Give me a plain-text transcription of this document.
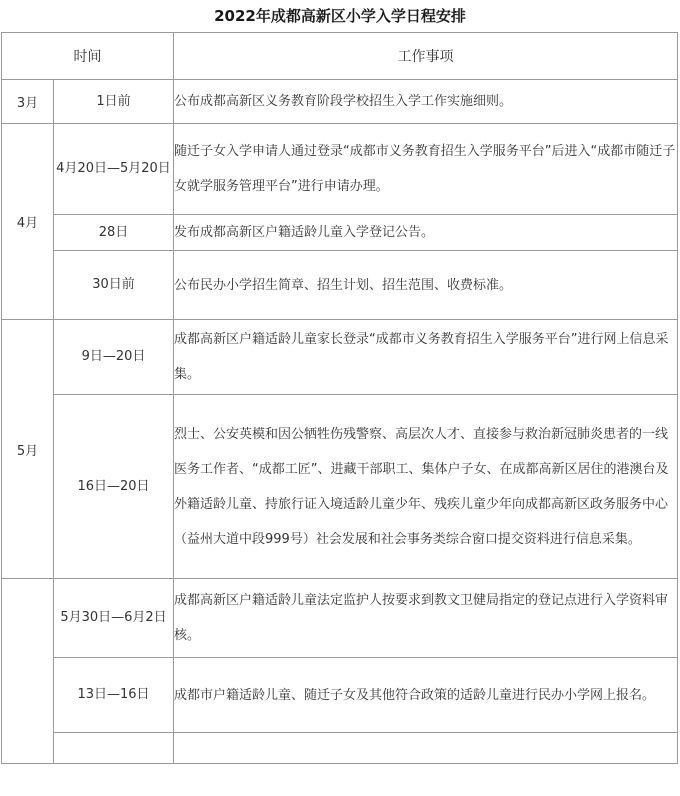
2022年成都高新区小学入学日程安排
时间		工作事项
3月	1日前	公布成都高新区义务教育阶段学校招生入学工作实施细则。
4月	4月20日—5月20日	随迁子女入学申请人通过登录“成都市义务教育招生入学服务平台”后进入“成都市随迁子女就学服务管理平台”进行申请办理。
	28日	发布成都高新区户籍适龄儿童入学登记公告。
	30日前	公布民办小学招生简章、招生计划、招生范围、收费标准。
5月	9日—20日	成都高新区户籍适龄儿童家长登录“成都市义务教育招生入学服务平台”进行网上信息采集。
	16日—20日	烈士、公安英模和因公牺牲伤残警察、高层次人才、直接参与救治新冠肺炎患者的一线医务工作者、“成都工匠”、进藏干部职工、集体户子女、在成都高新区居住的港澳台及外籍适龄儿童、持旅行证入境适龄儿童少年、残疾儿童少年向成都高新区政务服务中心（益州大道中段999号）社会发展和社会事务类综合窗口提交资料进行信息采集。
	5月30日—6月2日	成都高新区户籍适龄儿童法定监护人按要求到教文卫健局指定的登记点进行入学资料审核。
	13日—16日	成都市户籍适龄儿童、随迁子女及其他符合政策的适龄儿童进行民办小学网上报名。
